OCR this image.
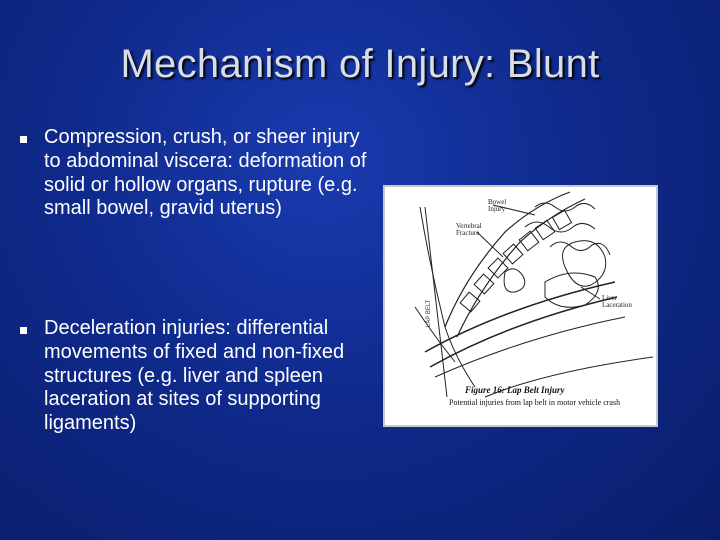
Mechanism of Injury: Blunt
Compression, crush, or sheer injury to abdominal viscera: deformation of solid or hollow organs, rupture (e.g. small bowel, gravid uterus)
Deceleration injuries: differential movements of fixed and non-fixed structures (e.g. liver and spleen laceration at sites of supporting ligaments)
Bowel
Injury
Vertebral
Fracture
Liver
Laceration
LAP BELT
Figure 16: Lap Belt Injury
Potential injuries from lap belt in motor vehicle crash
